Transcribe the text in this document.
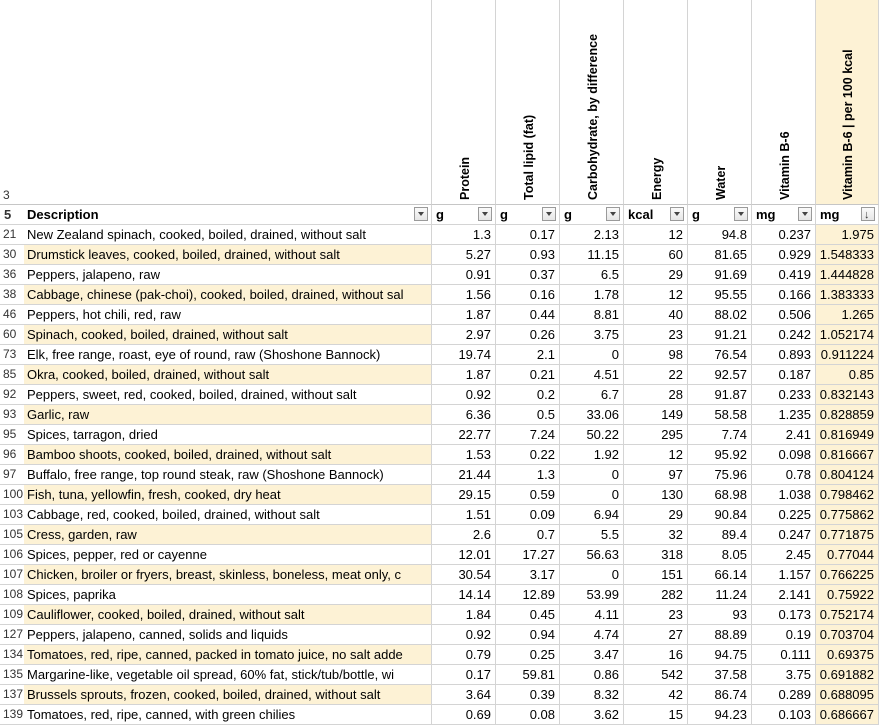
3	Protein	Total lipid (fat)	Carbohydrate, by difference	Energy	Water	Vitamin B-6	Vitamin B-6 | per 100 kcal
5	Description	g	g	g	kcal	g	mg	mg
↓
21 New Zealand spinach, cooked, boiled, drained, without salt	1.3	0.17	2.13	12	94.8	0.237	1.975
30 Drumstick leaves, cooked, boiled, drained, without salt	5.27	0.93	11.15	60	81.65	0.929 1.548333
36 Peppers, jalapeno, raw	0.91	0.37	6.5	29	91.69	0.419 1.444828
38 Cabbage, chinese (pak-choi), cooked, boiled, drained, without sal	1.56	0.16	1.78	12	95.55	0.166 1.383333
46 Peppers, hot chili, red, raw	1.87	0.44	8.81	40	88.02	0.506	1.265
60 Spinach, cooked, boiled, drained, without salt	2.97	0.26	3.75	23	91.21	0.242 1.052174
73 Elk, free range, roast, eye of round, raw (Shoshone Bannock)	19.74	2.1	0	98	76.54	0.893 0.911224
85 Okra, cooked, boiled, drained, without salt	1.87	0.21	4.51	22	92.57	0.187	0.85
92 Peppers, sweet, red, cooked, boiled, drained, without salt	0.92	0.2	6.7	28	91.87	0.233 0.832143
93 Garlic, raw	6.36	0.5	33.06	149	58.58	1.235 0.828859
95 Spices, tarragon, dried	22.77	7.24	50.22	295	7.74	2.41 0.816949
96 Bamboo shoots, cooked, boiled, drained, without salt	1.53	0.22	1.92	12	95.92	0.098 0.816667
97 Buffalo, free range, top round steak, raw (Shoshone Bannock)	21.44	1.3	0	97	75.96	0.78 0.804124
100 Fish, tuna, yellowfin, fresh, cooked, dry heat	29.15	0.59	0	130	68.98	1.038 0.798462
103 Cabbage, red, cooked, boiled, drained, without salt	1.51	0.09	6.94	29	90.84	0.225 0.775862
105 Cress, garden, raw	2.6	0.7	5.5	32	89.4	0.247 0.771875
106 Spices, pepper, red or cayenne	12.01	17.27	56.63	318	8.05	2.45	0.77044
107 Chicken, broiler or fryers, breast, skinless, boneless, meat only, c	30.54	3.17	0	151	66.14	1.157 0.766225
108 Spices, paprika	14.14	12.89	53.99	282	11.24	2.141	0.75922
109 Cauliflower, cooked, boiled, drained, without salt	1.84	0.45	4.11	23	93	0.173 0.752174
127 Peppers, jalapeno, canned, solids and liquids	0.92	0.94	4.74	27	88.89	0.19 0.703704
134 Tomatoes, red, ripe, canned, packed in tomato juice, no salt adde	0.79	0.25	3.47	16	94.75	0.111	0.69375
135 Margarine-like, vegetable oil spread, 60% fat, stick/tub/bottle, wi	0.17	59.81	0.86	542	37.58	3.75 0.691882
137 Brussels sprouts, frozen, cooked, boiled, drained, without salt	3.64	0.39	8.32	42	86.74	0.289 0.688095
139 Tomatoes, red, ripe, canned, with green chilies	0.69	0.08	3.62	15	94.23	0.103 0.686667
